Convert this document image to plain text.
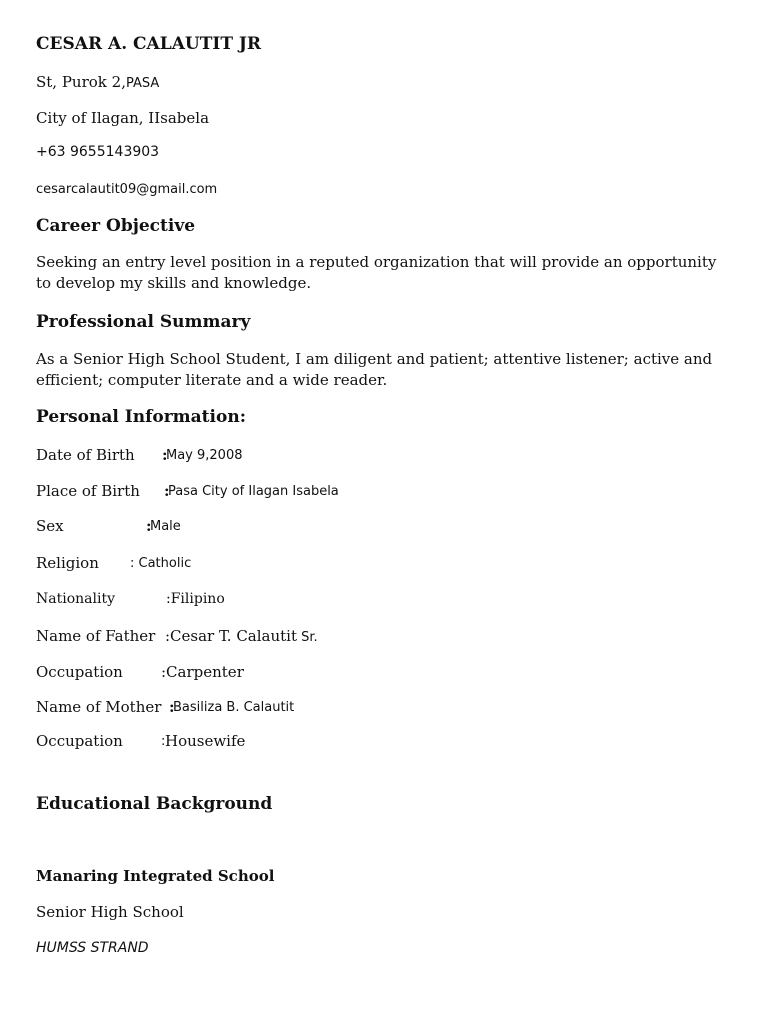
CESAR A. CALAUTIT JR
St, Purok 2,PASA
City of Ilagan, IIsabela
+63 9655143903
cesarcalautit09@gmail.com
Career Objective
Seeking an entry level position in a reputed organization that will provide an opportunity to develop my skills and knowledge.
Professional Summary
As a Senior High School Student, I am diligent and patient; attentive listener; active and efficient; computer literate and a wide reader.
Personal Information:
Date of Birth :
May 9,2008
Place of Birth :
Pasa City of Ilagan Isabela
Sex	:
Male
Religion : Catholic
Nationality	:Filipino
Name of Father :Cesar T. Calautit Sr.
Occupation	:Carpenter
Name of Mother :
Basiliza B. Calautit
Occupation	: Housewife
Educational Background
Manaring Integrated School
Senior High School
HUMSS STRAND
